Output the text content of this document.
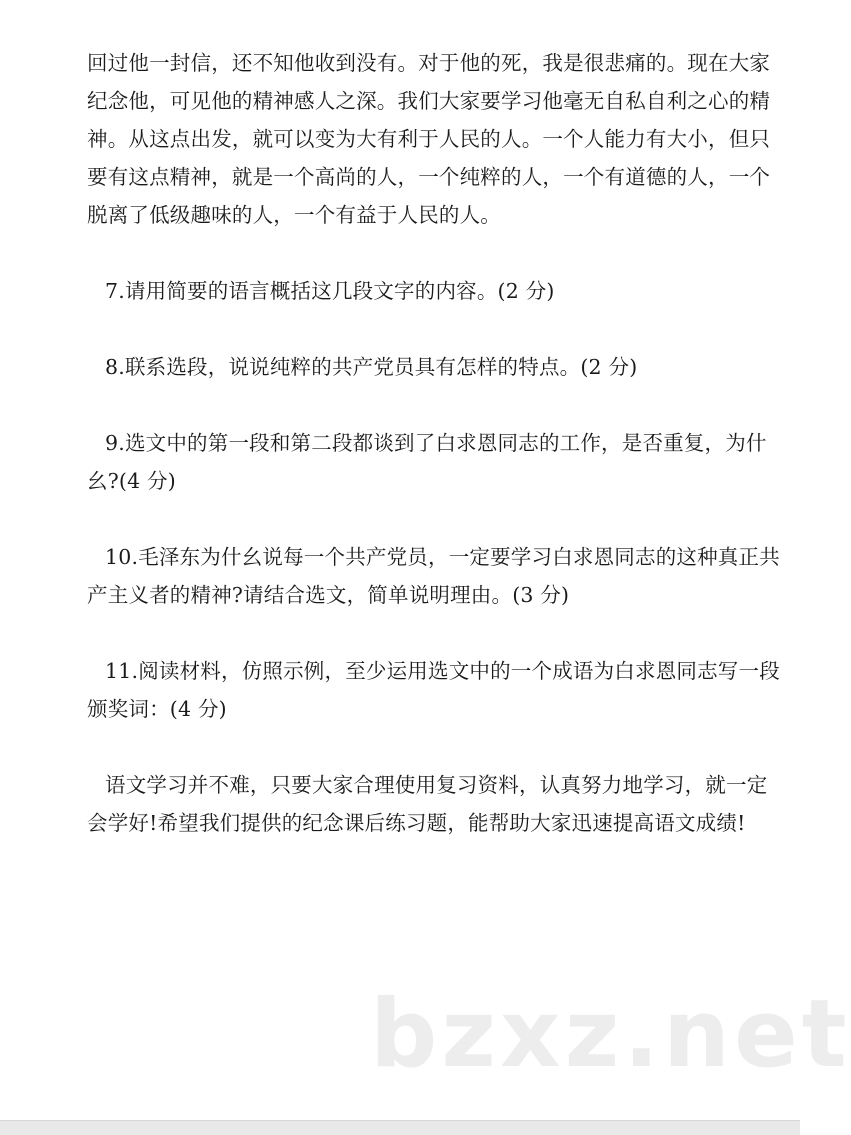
回过他一封信，还不知他收到没有。对于他的死，我是很悲痛的。现在大家
纪念他，可见他的精神感人之深。我们大家要学习他毫无自私自利之心的精
神。从这点出发，就可以变为大有利于人民的人。一个人能力有大小，但只
要有这点精神，就是一个高尚的人，一个纯粹的人，一个有道德的人，一个
脱离了低级趣味的人，一个有益于人民的人。
7.请用简要的语言概括这几段文字的内容。(2 分)
8.联系选段，说说纯粹的共产党员具有怎样的特点。(2 分)
9.选文中的第一段和第二段都谈到了白求恩同志的工作，是否重复，为什
幺?(4 分)
10.毛泽东为什幺说每一个共产党员，一定要学习白求恩同志的这种真正共
产主义者的精神?请结合选文，简单说明理由。(3 分)
11.阅读材料，仿照示例，至少运用选文中的一个成语为白求恩同志写一段
颁奖词：(4 分)
语文学习并不难，只要大家合理使用复习资料，认真努力地学习，就一定
会学好!希望我们提供的纪念课后练习题，能帮助大家迅速提高语文成绩!
bzxz.net
